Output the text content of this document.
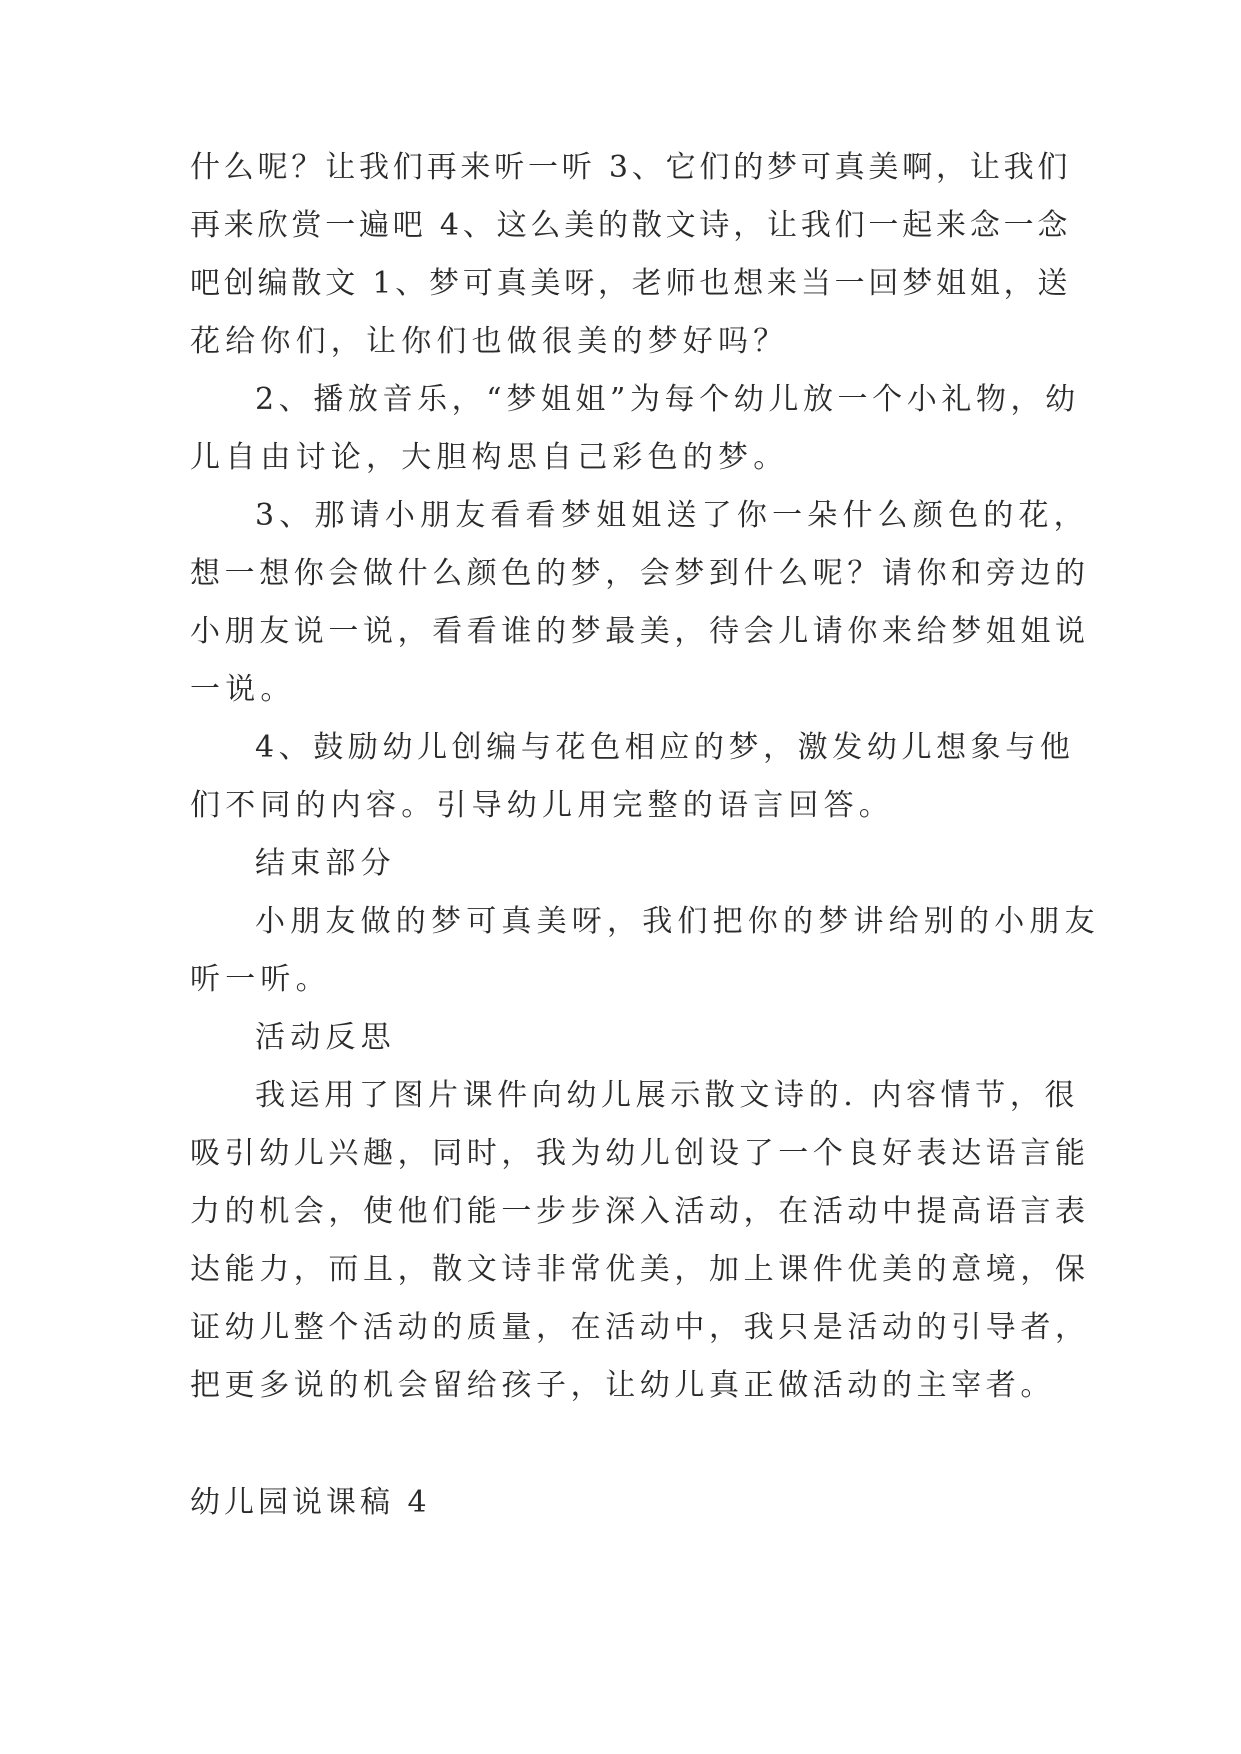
什么呢？让我们再来听一听 3、它们的梦可真美啊，让我们
再来欣赏一遍吧 4、这么美的散文诗，让我们一起来念一念
吧创编散文 1、梦可真美呀，老师也想来当一回梦姐姐，送
花给你们，让你们也做很美的梦好吗？
2、播放音乐，“梦姐姐”为每个幼儿放一个小礼物，幼
儿自由讨论，大胆构思自己彩色的梦。
3、那请小朋友看看梦姐姐送了你一朵什么颜色的花，
想一想你会做什么颜色的梦，会梦到什么呢？请你和旁边的
小朋友说一说，看看谁的梦最美，待会儿请你来给梦姐姐说
一说。
4、鼓励幼儿创编与花色相应的梦，激发幼儿想象与他
们不同的内容。引导幼儿用完整的语言回答。
结束部分
小朋友做的梦可真美呀，我们把你的梦讲给别的小朋友
听一听。
活动反思
我运用了图片课件向幼儿展示散文诗的. 内容情节，很
吸引幼儿兴趣，同时，我为幼儿创设了一个良好表达语言能
力的机会，使他们能一步步深入活动，在活动中提高语言表
达能力，而且，散文诗非常优美，加上课件优美的意境，保
证幼儿整个活动的质量，在活动中，我只是活动的引导者，
把更多说的机会留给孩子，让幼儿真正做活动的主宰者。
幼儿园说课稿 4
